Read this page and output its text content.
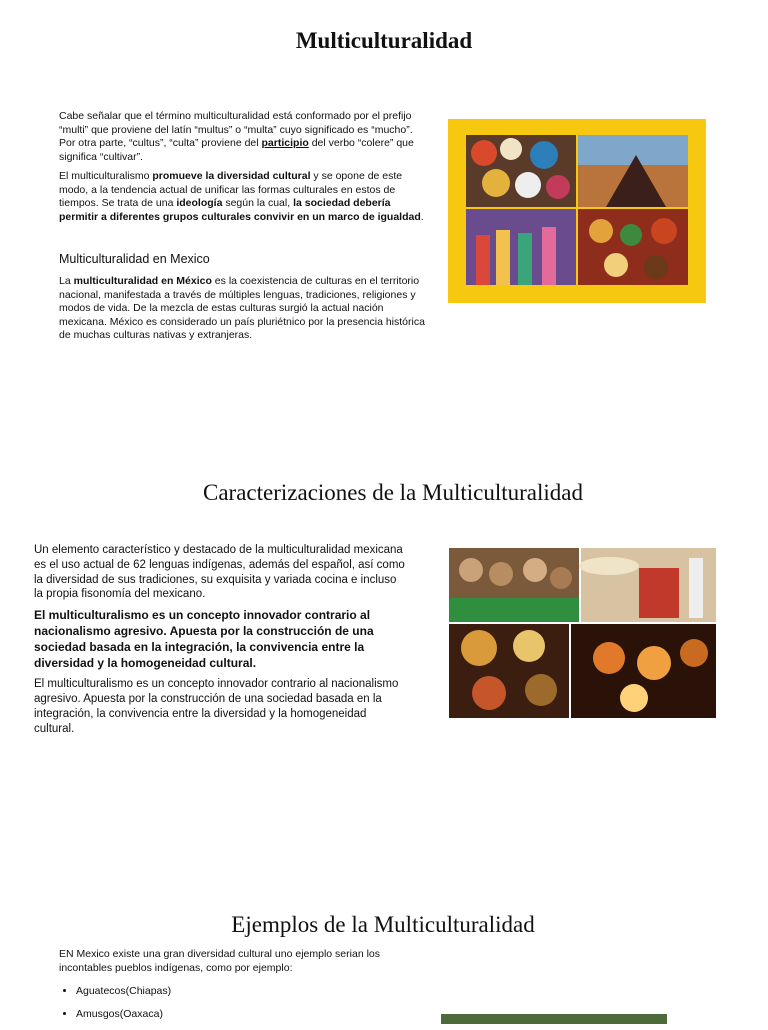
Multiculturalidad

Cabe señalar que el término multiculturalidad está conformado por el prefijo “multi” que proviene del latín “multus” o “multa” cuyo significado es “mucho”. Por otra parte, “cultus”, “culta” proviene del participio del verbo “colere” que significa “cultivar”.

El multiculturalismo promueve la diversidad cultural y se opone de este modo, a la tendencia actual de unificar las formas culturales en estos de tiempos. Se trata de una ideología según la cual, la sociedad debería permitir a diferentes grupos culturales convivir en un marco de igualdad.

Multiculturalidad en Mexico
La multiculturalidad en México es la coexistencia de culturas en el territorio nacional, manifestada a través de múltiples lenguas, tradiciones, religiones y modos de vida. De la mezcla de estas culturas surgió la actual nación mexicana. México es considerado un país pluriétnico por la presencia histórica de muchas culturas nativas y extranjeras.
Caracterizaciones de la Multiculturalidad

Un elemento característico y destacado de la multiculturalidad mexicana es el uso actual de 62 lenguas indígenas, además del español, así como la diversidad de sus tradiciones, su exquisita y variada cocina e incluso la propia fisonomía del mexicano.

El multiculturalismo es un concepto innovador contrario al nacionalismo agresivo. Apuesta por la construcción de una sociedad basada en la integración, la convivencia entre la diversidad y la homogeneidad cultural.

El multiculturalismo es un concepto innovador contrario al nacionalismo agresivo. Apuesta por la construcción de una sociedad basada en la integración, la convivencia entre la diversidad y la homogeneidad cultural.

Ejemplos de la Multiculturalidad
EN Mexico existe una gran diversidad cultural uno ejemplo serian los incontables pueblos indígenas, como por ejemplo:
• Aguatecos(Chiapas)
• Amusgos(Oaxaca)
